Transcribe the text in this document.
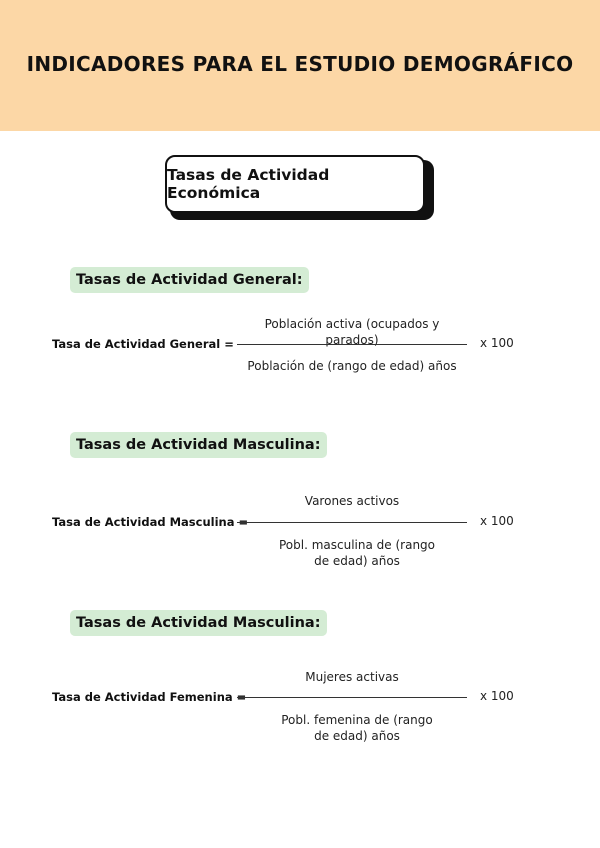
INDICADORES PARA EL ESTUDIO DEMOGRÁFICO
Tasas de Actividad Económica
Tasas de Actividad General:
Población activa (ocupados y parados)
Tasa de Actividad General =	x 100
Población de (rango de edad) años
Tasas de Actividad Masculina:
Varones activos
Tasa de Actividad Masculina =	x 100
Pobl. masculina de (rango de edad) años
Tasas de Actividad Masculina:
Mujeres activas
Tasa de Actividad Femenina =	x 100
Pobl. femenina de (rango de edad) años
